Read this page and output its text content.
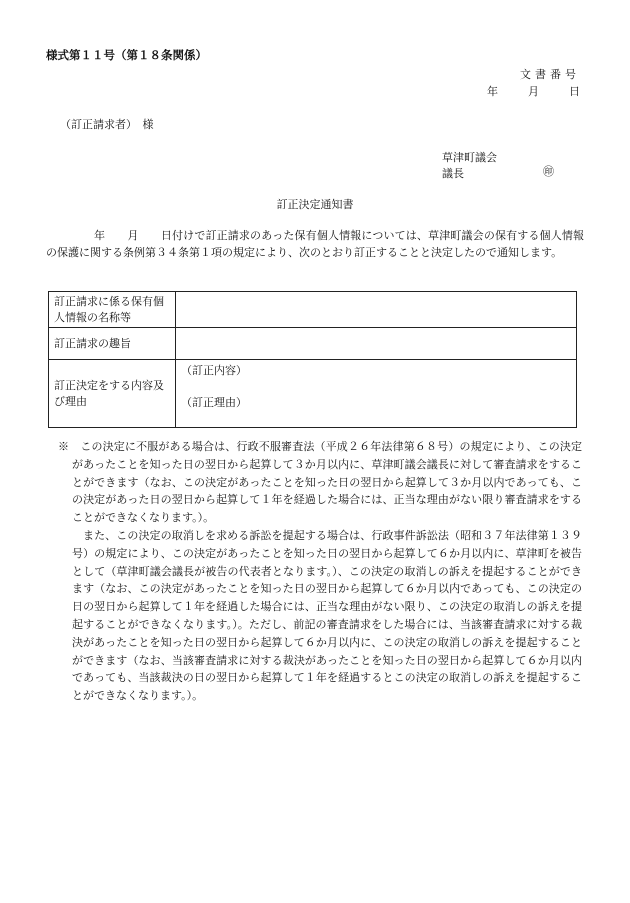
様式第１１号（第１８条関係）
文書番号
年	月	日
（訂正請求者）　様
草津町議会
議長	㊞
訂正決定通知書
年　　月　　日付けで訂正請求のあった保有個人情報については、草津町議会の保有する個人情報の保護に関する条例第３４条第１項の規定により、次のとおり訂正することと決定したので通知します。
訂正請求に係る保有個人情報の名称等	
訂正請求の趣旨	
訂正決定をする内容及び理由	（訂正内容）
（訂正理由）

※　 この決定に不服がある場合は、行政不服審査法（平成２６年法律第６８号）の規定により、この決定があったことを知った日の翌日から起算して３か月以内に、草津町議会議長に対して審査請求をすることができます（なお、この決定があったことを知った日の翌日から起算して３か月以内であっても、この決定があった日の翌日から起算して１年を経過した場合には、正当な理由がない限り審査請求をすることができなくなります。）。

また、この決定の取消しを求める訴訟を提起する場合は、行政事件訴訟法（昭和３７年法律第１３９号）の規定により、この決定があったことを知った日の翌日から起算して６か月以内に、草津町を被告として（草津町議会議長が被告の代表者となります。）、この決定の取消しの訴えを提起することができます（なお、この決定があったことを知った日の翌日から起算して６か月以内であっても、この決定の日の翌日から起算して１年を経過した場合には、正当な理由がない限り、この決定の取消しの訴えを提起することができなくなります。）。ただし、前記の審査請求をした場合には、当該審査請求に対する裁決があったことを知った日の翌日から起算して６か月以内に、この決定の取消しの訴えを提起することができます（なお、当該審査請求に対する裁決があったことを知った日の翌日から起算して６か月以内であっても、当該裁決の日の翌日から起算して１年を経過するとこの決定の取消しの訴えを提起することができなくなります。）。
